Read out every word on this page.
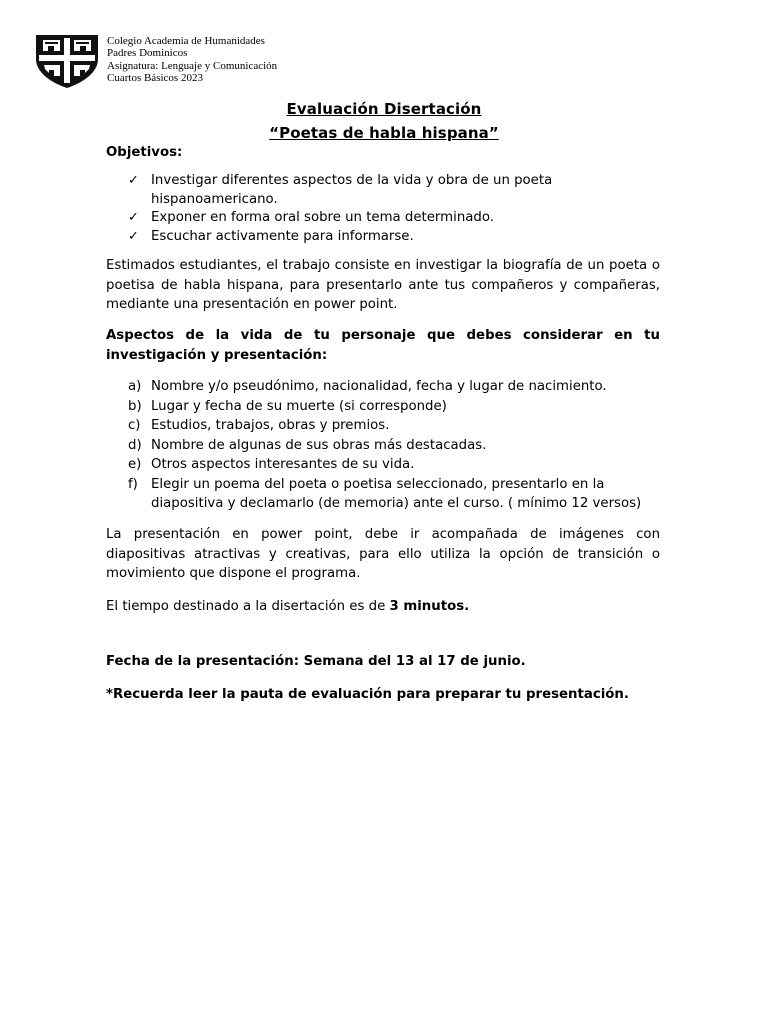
Colegio Academia de Humanidades
Padres Dominicos
Asignatura: Lenguaje y Comunicación
Cuartos Básicos 2023
Evaluación Disertación
“Poetas de habla hispana”
Objetivos:
✓ Investigar diferentes aspectos de la vida y obra de un poeta hispanoamericano.
✓ Exponer en forma oral sobre un tema determinado.
✓ Escuchar activamente para informarse.

Estimados estudiantes, el trabajo consiste en investigar la biografía de un poeta o poetisa de habla hispana, para presentarlo ante tus compañeros y compañeras, mediante una presentación en power point.

Aspectos de la vida de tu personaje que debes considerar en tu investigación y presentación:

a) Nombre y/o pseudónimo, nacionalidad, fecha y lugar de nacimiento.
b) Lugar y fecha de su muerte (si corresponde)
c) Estudios, trabajos, obras y premios.
d) Nombre de algunas de sus obras más destacadas.
e) Otros aspectos interesantes de su vida.
f) Elegir un poema del poeta o poetisa seleccionado, presentarlo en la diapositiva y declamarlo (de memoria) ante el curso. ( mínimo 12 versos)

La presentación en power point, debe ir acompañada de imágenes con diapositivas atractivas y creativas, para ello utiliza la opción de transición o movimiento que dispone el programa.

El tiempo destinado a la disertación es de 3 minutos.

Fecha de la presentación: Semana del 13 al 17 de junio.

*Recuerda leer la pauta de evaluación para preparar tu presentación.
